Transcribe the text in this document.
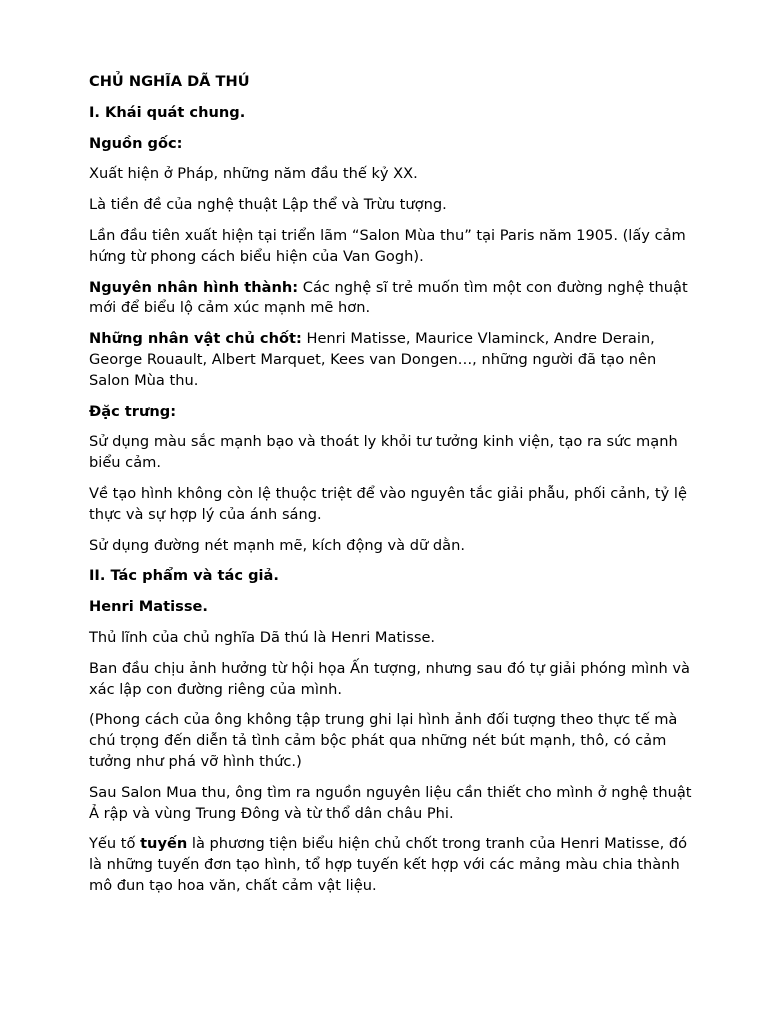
CHỦ NGHĨA DÃ THÚ

I. Khái quát chung.

Nguồn gốc:

Xuất hiện ở Pháp, những năm đầu thế kỷ XX.

Là tiền đề của nghệ thuật Lập thể và Trừu tượng.

Lần đầu tiên xuất hiện tại triển lãm “Salon Mùa thu” tại Paris năm 1905. (lấy cảm hứng từ phong cách biểu hiện của Van Gogh).

Nguyên nhân hình thành: Các nghệ sĩ trẻ muốn tìm một con đường nghệ thuật mới để biểu lộ cảm xúc mạnh mẽ hơn.

Những nhân vật chủ chốt: Henri Matisse, Maurice Vlaminck, Andre Derain, George Rouault, Albert Marquet, Kees van Dongen…, những người đã tạo nên Salon Mùa thu.

Đặc trưng:

Sử dụng màu sắc mạnh bạo và thoát ly khỏi tư tưởng kinh viện, tạo ra sức mạnh biểu cảm.

Về tạo hình không còn lệ thuộc triệt để vào nguyên tắc giải phẫu, phối cảnh, tỷ lệ thực và sự hợp lý của ánh sáng.

Sử dụng đường nét mạnh mẽ, kích động và dữ dằn.

II. Tác phẩm và tác giả.

Henri Matisse.

Thủ lĩnh của chủ nghĩa Dã thú là Henri Matisse.

Ban đầu chịu ảnh hưởng từ hội họa Ấn tượng, nhưng sau đó tự giải phóng mình và xác lập con đường riêng của mình.

(Phong cách của ông không tập trung ghi lại hình ảnh đối tượng theo thực tế mà chú trọng đến diễn tả tình cảm bộc phát qua những nét bút mạnh, thô, có cảm tưởng như phá vỡ hình thức.)

Sau Salon Mua thu, ông tìm ra nguồn nguyên liệu cần thiết cho mình ở nghệ thuật Ả rập và vùng Trung Đông và từ thổ dân châu Phi.

Yếu tố tuyến là phương tiện biểu hiện chủ chốt trong tranh của Henri Matisse, đó là những tuyến đơn tạo hình, tổ hợp tuyến kết hợp với các mảng màu chia thành mô đun tạo hoa văn, chất cảm vật liệu.
